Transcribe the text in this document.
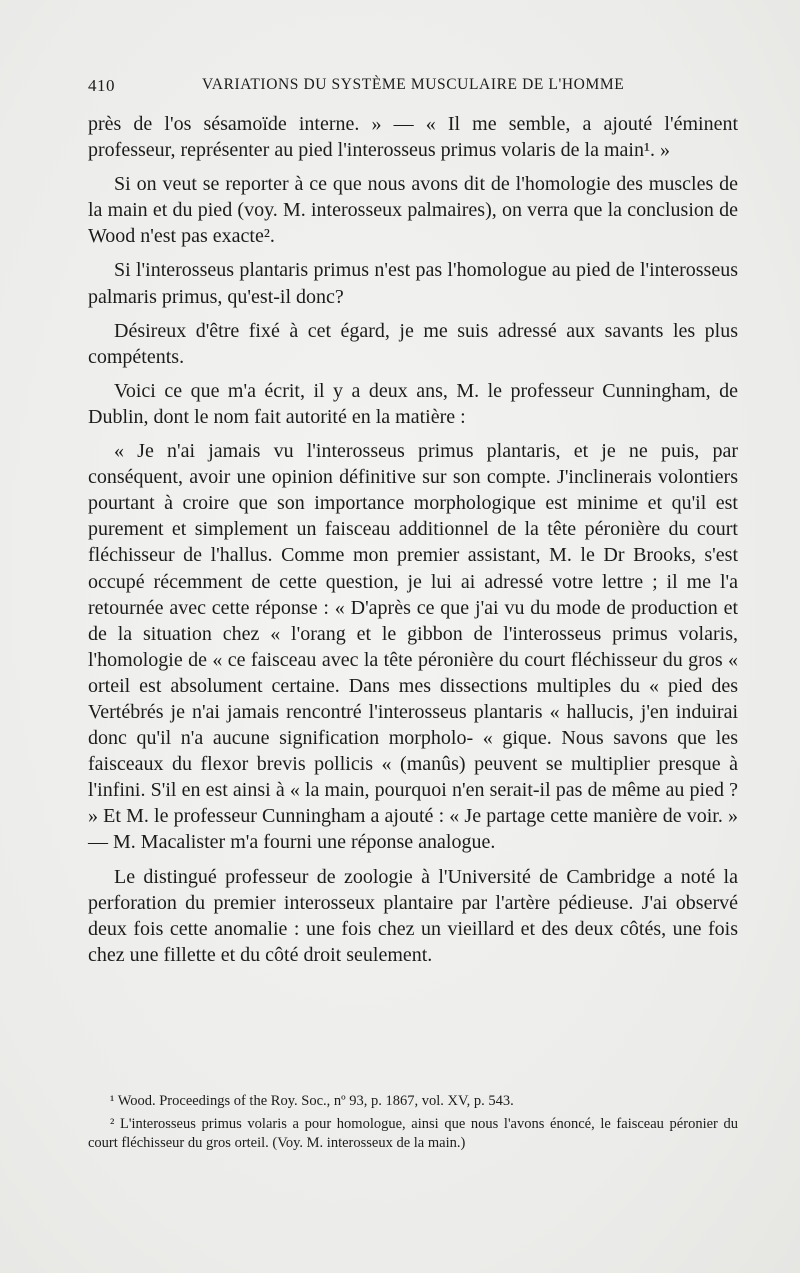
410	VARIATIONS DU SYSTÈME MUSCULAIRE DE L'HOMME

près de l'os sésamoïde interne. » — « Il me semble, a ajouté l'éminent professeur, représenter au pied l'interosseus primus volaris de la main¹. »

Si on veut se reporter à ce que nous avons dit de l'homologie des muscles de la main et du pied (voy. M. interosseux palmaires), on verra que la conclusion de Wood n'est pas exacte².

Si l'interosseus plantaris primus n'est pas l'homologue au pied de l'interosseus palmaris primus, qu'est-il donc?

Désireux d'être fixé à cet égard, je me suis adressé aux savants les plus compétents.

Voici ce que m'a écrit, il y a deux ans, M. le professeur Cunningham, de Dublin, dont le nom fait autorité en la matière :

« Je n'ai jamais vu l'interosseus primus plantaris, et je ne puis, par conséquent, avoir une opinion définitive sur son compte. J'inclinerais volontiers pourtant à croire que son importance morphologique est minime et qu'il est purement et simplement un faisceau additionnel de la tête péronière du court fléchisseur de l'hallus. Comme mon premier assistant, M. le Dr Brooks, s'est occupé récemment de cette question, je lui ai adressé votre lettre ; il me l'a retournée avec cette réponse : « D'après ce que j'ai vu du mode de production et de la situation chez « l'orang et le gibbon de l'interosseus primus volaris, l'homologie de « ce faisceau avec la tête péronière du court fléchisseur du gros « orteil est absolument certaine. Dans mes dissections multiples du « pied des Vertébrés je n'ai jamais rencontré l'interosseus plantaris « hallucis, j'en induirai donc qu'il n'a aucune signification morpholo- « gique. Nous savons que les faisceaux du flexor brevis pollicis « (manûs) peuvent se multiplier presque à l'infini. S'il en est ainsi à « la main, pourquoi n'en serait-il pas de même au pied ? » Et M. le professeur Cunningham a ajouté : « Je partage cette manière de voir. » — M. Macalister m'a fourni une réponse analogue.

Le distingué professeur de zoologie à l'Université de Cambridge a noté la perforation du premier interosseux plantaire par l'artère pédieuse. J'ai observé deux fois cette anomalie : une fois chez un vieillard et des deux côtés, une fois chez une fillette et du côté droit seulement.

¹ Wood. Proceedings of the Roy. Soc., nº 93, p. 1867, vol. XV, p. 543.

² L'interosseus primus volaris a pour homologue, ainsi que nous l'avons énoncé, le faisceau péronier du court fléchisseur du gros orteil. (Voy. M. interosseux de la main.)
